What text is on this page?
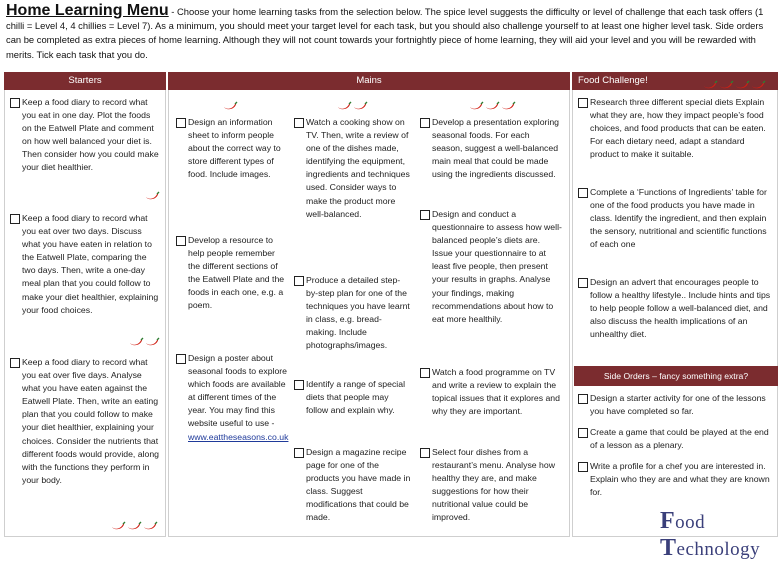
Home Learning Menu - Choose your home learning tasks from the selection below. The spice level suggests the difficulty or level of challenge that each task offers (1 chilli = Level 4, 4 chillies = Level 7). As a minimum, you should meet your target level for each task, but you should also challenge yourself to at least one higher level task. Side orders can be completed as extra pieces of home learning. Although they will not count towards your fortnightly piece of home learning, they will aid your level and you will be rewarded with merits. Tick each task that you do.
Starters	Mains	Food Challenge!
Keep a food diary to record what you eat in one day. Plot the foods on the Eatwell Plate and comment on how well balanced your diet is. Then consider how you could make your diet healthier.
Keep a food diary to record what you eat over two days. Discuss what you have eaten in relation to the Eatwell Plate, comparing the two days. Then, write a one-day meal plan that you could follow to make your diet healthier, explaining your food choices.
Keep a food diary to record what you eat over five days. Analyse what you have eaten against the Eatwell Plate. Then, write an eating plan that you could follow to make your diet healthier, explaining your choices. Consider the nutrients that different foods would provide, along with the functions they perform in your body.
Design an information sheet to inform people about the correct way to store different types of food. Include images.
Develop a resource to help people remember the different sections of the Eatwell Plate and the foods in each one, e.g. a poem.
Design a poster about seasonal foods to explore which foods are available at different times of the year. You may find this website useful to use - www.eattheseasons.co.uk
Watch a cooking show on TV. Then, write a review of one of the dishes made, identifying the equipment, ingredients and techniques used. Consider ways to make the product more well-balanced.
Produce a detailed step-by-step plan for one of the techniques you have learnt in class, e.g. bread-making. Include photographs/images.
Identify a range of special diets that people may follow and explain why.
Design a magazine recipe page for one of the products you have made in class. Suggest modifications that could be made.
Develop a presentation exploring seasonal foods. For each season, suggest a well-balanced main meal that could be made using the ingredients discussed.
Design and conduct a questionnaire to assess how well-balanced people’s diets are. Issue your questionnaire to at least five people, then present your results in graphs. Analyse your findings, making recommendations about how to eat more healthily.
Watch a food programme on TV and write a review to explain the topical issues that it explores and why they are important.
Select four dishes from a restaurant’s menu. Analyse how healthy they are, and make suggestions for how their nutritional value could be improved.
Research three different special diets Explain what they are, how they impact people’s food choices, and food products that can be eaten. For each dietary need, adapt a standard product to make it suitable.
Complete a ‘Functions of Ingredients’ table for one of the food products you have made in class. Identify the ingredient, and then explain the sensory, nutritional and scientific functions of each one
Design an advert that encourages people to follow a healthy lifestyle.. Include hints and tips to help people follow a well-balanced diet, and also discuss the health implications of an unhealthy diet.
Side Orders – fancy something extra?
Design a starter activity for one of the lessons you have completed so far.
Create a game that could be played at the end of a lesson as a plenary.
Write a profile for a chef you are interested in. Explain who they are and what they are known for.
Food Technology
